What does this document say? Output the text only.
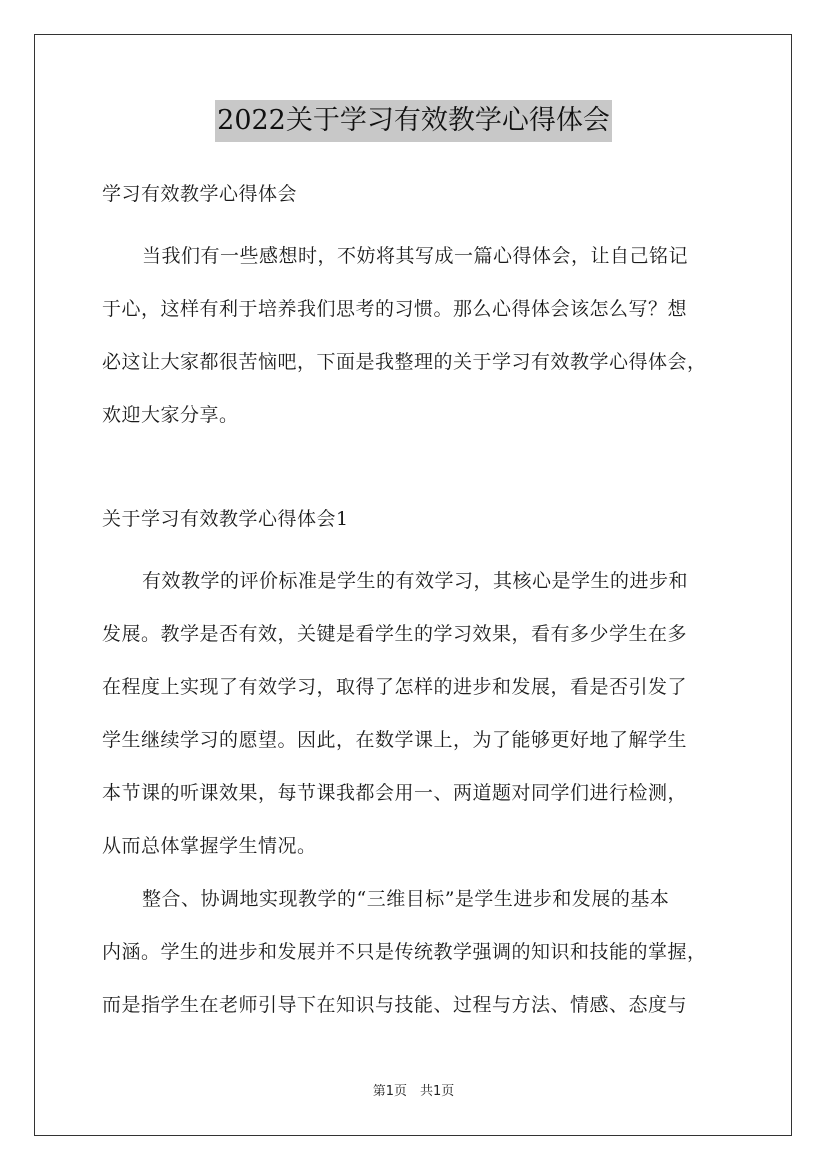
2022关于学习有效教学心得体会
学习有效教学心得体会
当我们有一些感想时，不妨将其写成一篇心得体会，让自己铭记
于心，这样有利于培养我们思考的习惯。那么心得体会该怎么写？想
必这让大家都很苦恼吧，下面是我整理的关于学习有效教学心得体会，
欢迎大家分享。
关于学习有效教学心得体会1
有效教学的评价标准是学生的有效学习，其核心是学生的进步和
发展。教学是否有效，关键是看学生的学习效果，看有多少学生在多
在程度上实现了有效学习，取得了怎样的进步和发展，看是否引发了
学生继续学习的愿望。因此，在数学课上，为了能够更好地了解学生
本节课的听课效果，每节课我都会用一、两道题对同学们进行检测，
从而总体掌握学生情况。
整合、协调地实现教学的“三维目标”是学生进步和发展的基本
内涵。学生的进步和发展并不只是传统教学强调的知识和技能的掌握，
而是指学生在老师引导下在知识与技能、过程与方法、情感、态度与
第1页　共1页
